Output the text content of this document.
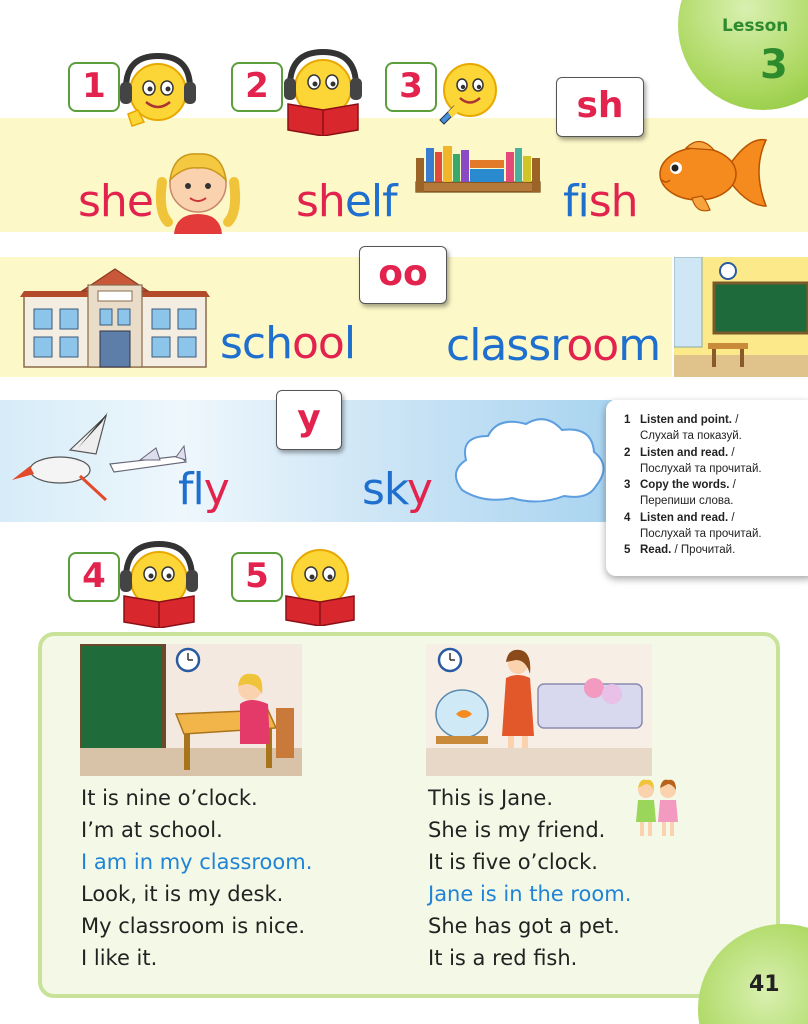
Lesson
3
1	2	3	sh
she	shelf	fish
oo
school classroom
y
fly	sky
1 Listen and point. /
Слухай та показуй.
2 Listen and read. /
Послухай та прочитай.
3 Copy the words. /
Перепиши слова.
4 Listen and read. /
Послухай та прочитай.
5 Read. / Прочитай.
4	5
It is nine o’clock.
I’m at school.
I am in my classroom.
Look, it is my desk.
My classroom is nice.
I like it.
This is Jane.
She is my friend.
It is five o’clock.
Jane is in the room.
She has got a pet.
It is a red fish.
41
